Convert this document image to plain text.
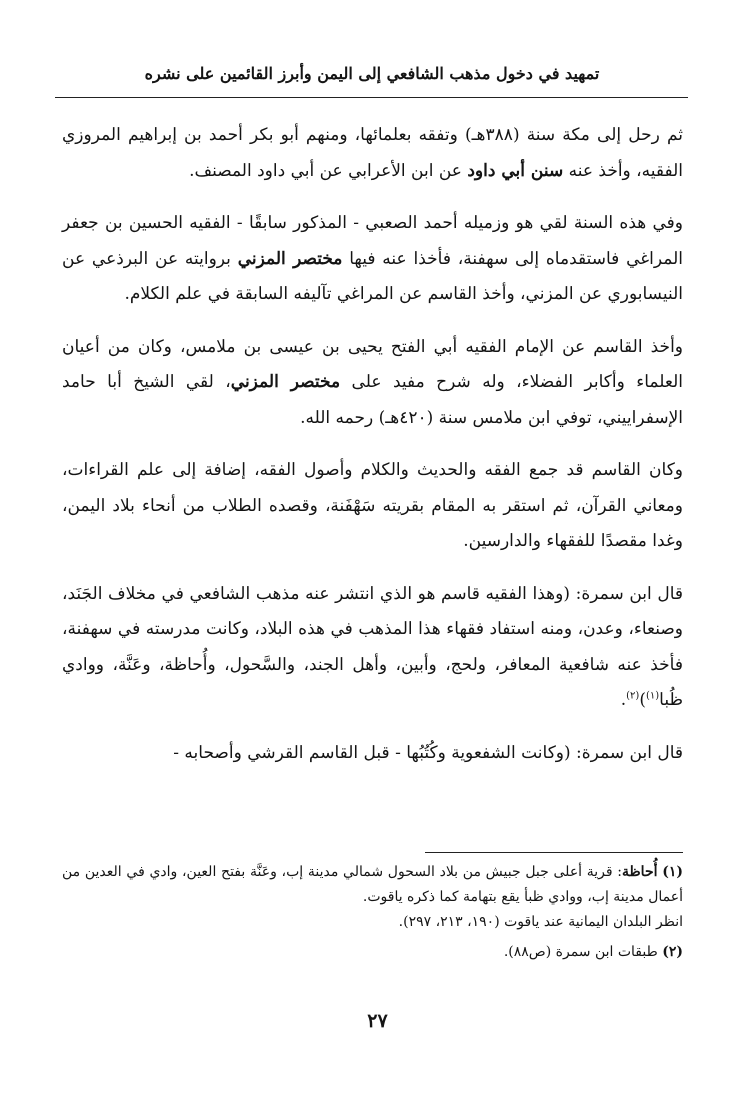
تمهيد في دخول مذهب الشافعي إلى اليمن وأبرز القائمين على نشره

ثم رحل إلى مكة سنة (٣٨٨هـ) وتفقه بعلمائها، ومنهم أبو بكر أحمد بن إبراهيم المروزي الفقيه، وأخذ عنه سنن أبي داود عن ابن الأعرابي عن أبي داود المصنف.

وفي هذه السنة لقي هو وزميله أحمد الصعبي - المذكور سابقًا - الفقيه الحسين بن جعفر المراغي فاستقدماه إلى سهفنة، فأخذا عنه فيها مختصر المزني بروايته عن البرذعي عن النيسابوري عن المزني، وأخذ القاسم عن المراغي تآليفه السابقة في علم الكلام.

وأخذ القاسم عن الإمام الفقيه أبي الفتح يحيى بن عيسى بن ملامس، وكان من أعيان العلماء وأكابر الفضلاء، وله شرح مفيد على مختصر المزني، لقي الشيخ أبا حامد الإسفراييني، توفي ابن ملامس سنة (٤٢٠هـ) رحمه الله.

وكان القاسم قد جمع الفقه والحديث والكلام وأصول الفقه، إضافة إلى علم القراءات، ومعاني القرآن، ثم استقر به المقام بقريته سَهْفَنة، وقصده الطلاب من أنحاء بلاد اليمن، وغدا مقصدًا للفقهاء والدارسين.

قال ابن سمرة: (وهذا الفقيه قاسم هو الذي انتشر عنه مذهب الشافعي في مخلاف الجَنَد، وصنعاء، وعدن، ومنه استفاد فقهاء هذا المذهب في هذه البلاد، وكانت مدرسته في سهفنة، فأخذ عنه شافعية المعافر، ولحج، وأبين، وأهل الجند، والسَّحول، وأُحاظة، وعَنَّة، ووادي ظُبا$^{(١)}$)$^{(٢)}$.

قال ابن سمرة: (وكانت الشفعوية وكُتُبُها - قبل القاسم القرشي وأصحابه -

(١) أُحاظة: قرية أعلى جبل جبيش من بلاد السحول شمالي مدينة إب، وعَنَّة بفتح العين، وادي في العدين من أعمال مدينة إب، ووادي ظبأ يقع بتهامة كما ذكره ياقوت.
انظر البلدان اليمانية عند ياقوت (١٩٠، ٢١٣، ٢٩٧).
(٢) طبقات ابن سمرة (ص٨٨).
٢٧
